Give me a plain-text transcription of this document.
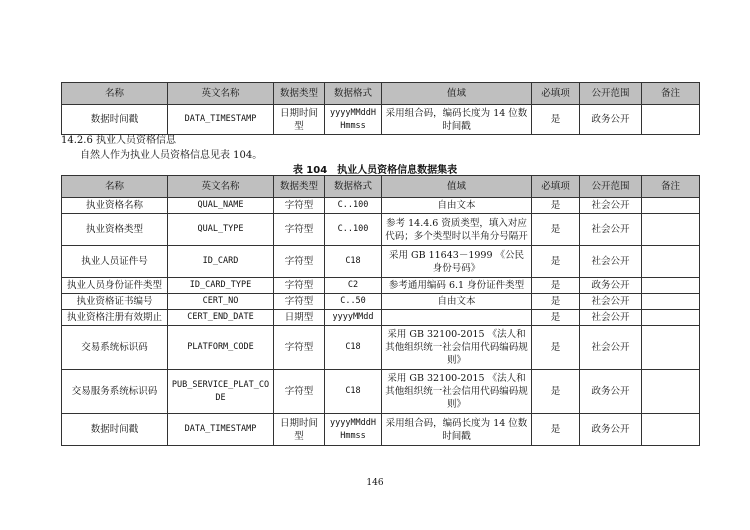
名称	英文名称	数据类型	数据格式	值域	必填项	公开范围	备注
数据时间戳	DATA_TIMESTAMP	日期时间型	yyyyMMddHHmmss	采用组合码，编码长度为 14 位数时间戳	是	政务公开	
14.2.6 执业人员资格信息
自然人作为执业人员资格信息见表 104。
表 104　执业人员资格信息数据集表
名称	英文名称	数据类型	数据格式	值域	必填项	公开范围	备注
执业资格名称	QUAL_NAME	字符型	C..100	自由文本	是	社会公开	
执业资格类型	QUAL_TYPE	字符型	C..100	参考 14.4.6 资质类型，填入对应代码；多个类型时以半角分号隔开	是	社会公开	
执业人员证件号	ID_CARD	字符型	C18	采用 GB 11643－1999 《公民身份号码》	是	社会公开	
执业人员身份证件类型	ID_CARD_TYPE	字符型	C2	参考通用编码 6.1 身份证件类型	是	政务公开	
执业资格证书编号	CERT_NO	字符型	C..50	自由文本	是	社会公开	
执业资格注册有效期止	CERT_END_DATE	日期型	yyyyMMdd		是	社会公开	
交易系统标识码	PLATFORM_CODE	字符型	C18	采用 GB 32100-2015 《法人和其他组织统一社会信用代码编码规则》	是	社会公开	
交易服务系统标识码	PUB_SERVICE_PLAT_CODE	字符型	C18	采用 GB 32100-2015 《法人和其他组织统一社会信用代码编码规则》	是	政务公开	
数据时间戳	DATA_TIMESTAMP	日期时间型	yyyyMMddHHmmss	采用组合码，编码长度为 14 位数时间戳	是	政务公开	
146
